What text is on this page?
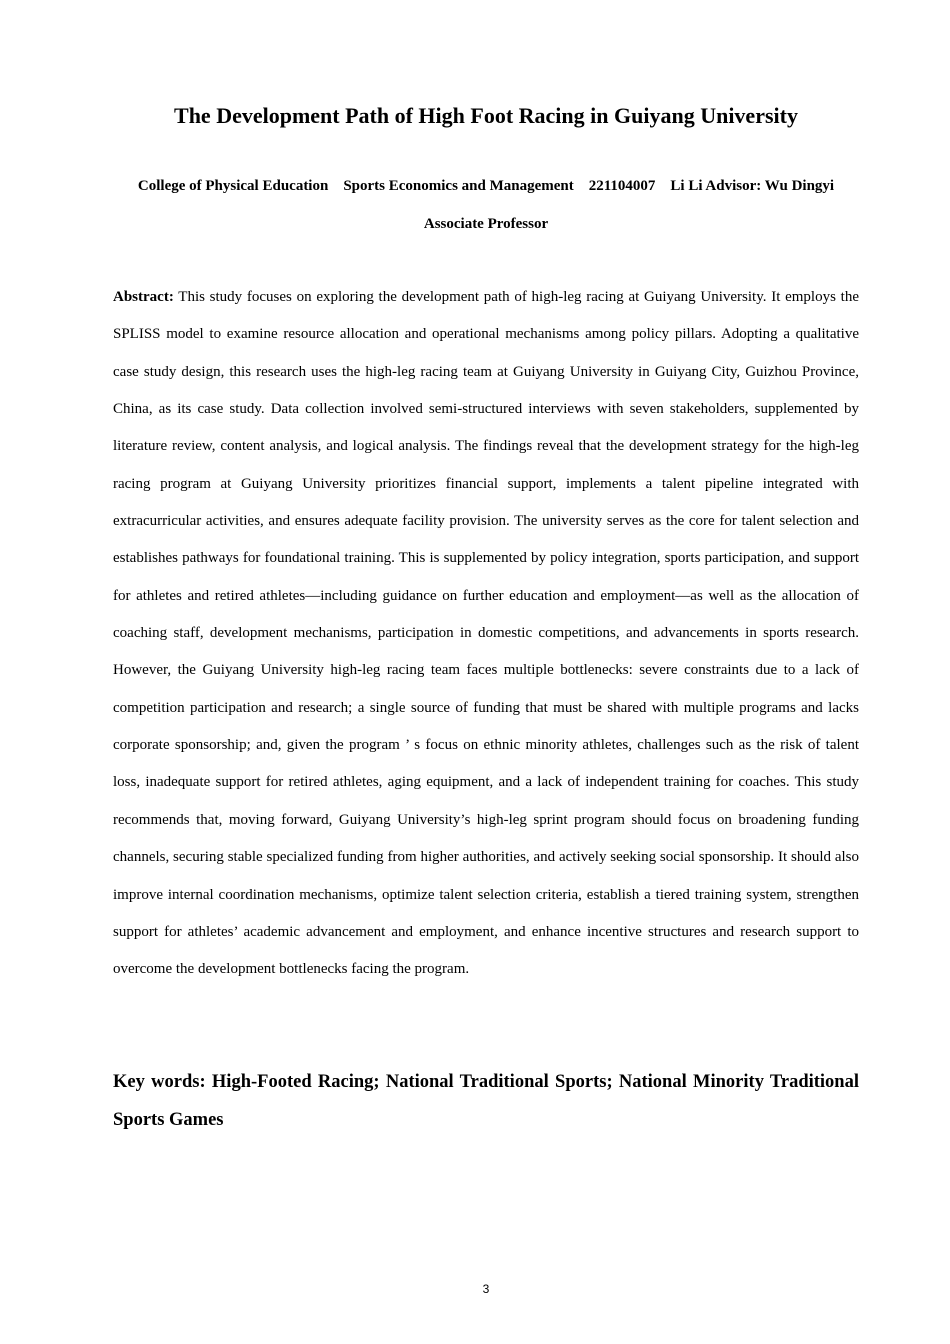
The Development Path of High Foot Racing in Guiyang University

College of Physical Education    Sports Economics and Management    221104007    Li Li Advisor: Wu Dingyi    Associate Professor

Abstract: This study focuses on exploring the development path of high-leg racing at Guiyang University. It employs the SPLISS model to examine resource allocation and operational mechanisms among policy pillars. Adopting a qualitative case study design, this research uses the high-leg racing team at Guiyang University in Guiyang City, Guizhou Province, China, as its case study. Data collection involved semi-structured interviews with seven stakeholders, supplemented by literature review, content analysis, and logical analysis. The findings reveal that the development strategy for the high-leg racing program at Guiyang University prioritizes financial support, implements a talent pipeline integrated with extracurricular activities, and ensures adequate facility provision. The university serves as the core for talent selection and establishes pathways for foundational training. This is supplemented by policy integration, sports participation, and support for athletes and retired athletes—including guidance on further education and employment—as well as the allocation of coaching staff, development mechanisms, participation in domestic competitions, and advancements in sports research. However, the Guiyang University high-leg racing team faces multiple bottlenecks: severe constraints due to a lack of competition participation and research; a single source of funding that must be shared with multiple programs and lacks corporate sponsorship; and, given the program ’ s focus on ethnic minority athletes, challenges such as the risk of talent loss, inadequate support for retired athletes, aging equipment, and a lack of independent training for coaches. This study recommends that, moving forward, Guiyang University’s high-leg sprint program should focus on broadening funding channels, securing stable specialized funding from higher authorities, and actively seeking social sponsorship. It should also improve internal coordination mechanisms, optimize talent selection criteria, establish a tiered training system, strengthen support for athletes’ academic advancement and employment, and enhance incentive structures and research support to overcome the development bottlenecks facing the program.

Key words: High-Footed Racing; National Traditional Sports; National Minority Traditional Sports Games

3
